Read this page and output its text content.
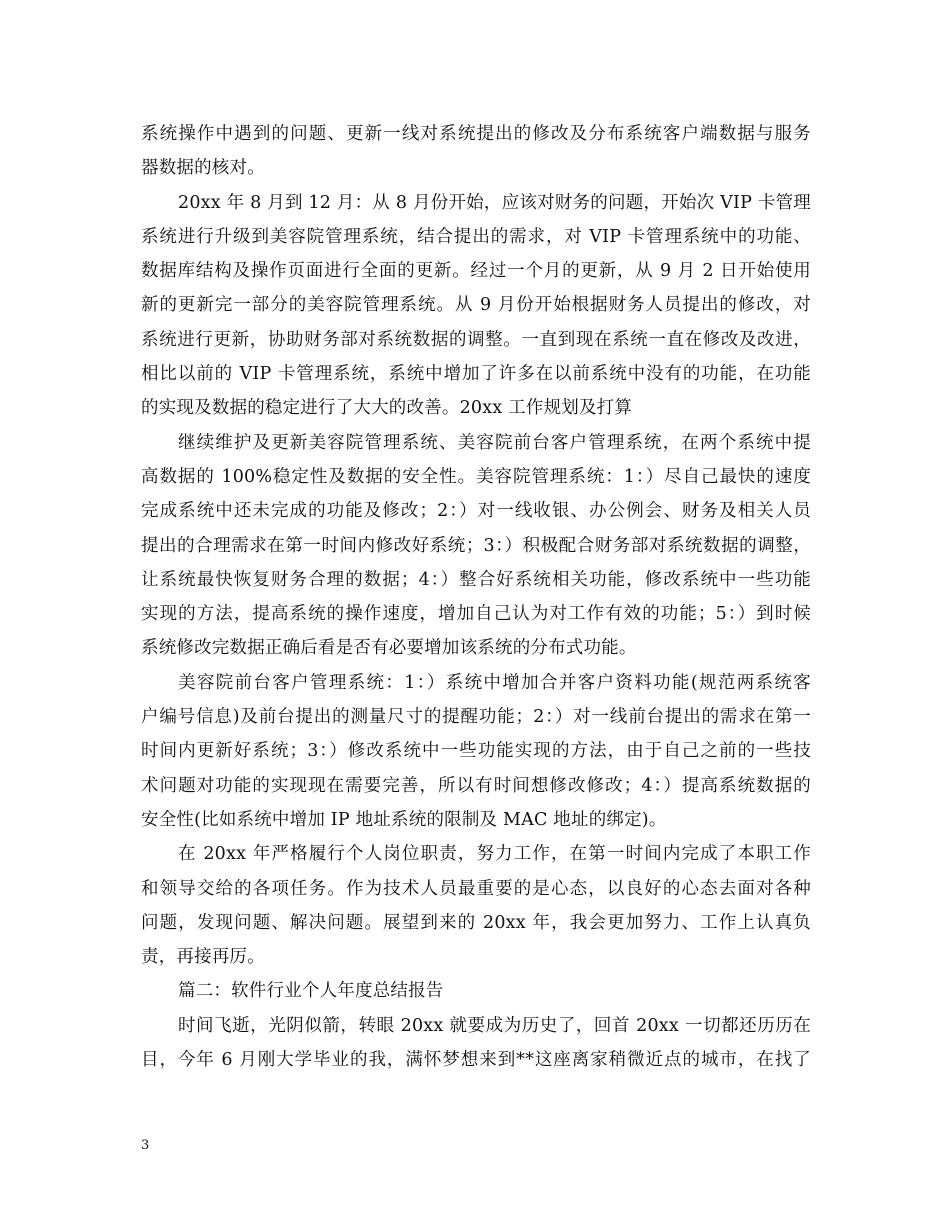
系统操作中遇到的问题、更新一线对系统提出的修改及分布系统客户端数据与服务
器数据的核对。
20xx 年 8 月到 12 月：从 8 月份开始，应该对财务的问题，开始次 VIP 卡管理
系统进行升级到美容院管理系统，结合提出的需求，对 VIP 卡管理系统中的功能、
数据库结构及操作页面进行全面的更新。经过一个月的更新，从 9 月 2 日开始使用
新的更新完一部分的美容院管理系统。从 9 月份开始根据财务人员提出的修改，对
系统进行更新，协助财务部对系统数据的调整。一直到现在系统一直在修改及改进，
相比以前的 VIP 卡管理系统，系统中增加了许多在以前系统中没有的功能，在功能
的实现及数据的稳定进行了大大的改善。20xx 工作规划及打算
继续维护及更新美容院管理系统、美容院前台客户管理系统，在两个系统中提
高数据的 100%稳定性及数据的安全性。美容院管理系统：1：）尽自己最快的速度
完成系统中还未完成的功能及修改；2：）对一线收银、办公例会、财务及相关人员
提出的合理需求在第一时间内修改好系统；3：）积极配合财务部对系统数据的调整，
让系统最快恢复财务合理的数据；4：）整合好系统相关功能，修改系统中一些功能
实现的方法，提高系统的操作速度，增加自己认为对工作有效的功能；5：）到时候
系统修改完数据正确后看是否有必要增加该系统的分布式功能。
美容院前台客户管理系统：1：）系统中增加合并客户资料功能(规范两系统客
户编号信息)及前台提出的测量尺寸的提醒功能；2：）对一线前台提出的需求在第一
时间内更新好系统；3：）修改系统中一些功能实现的方法，由于自己之前的一些技
术问题对功能的实现现在需要完善，所以有时间想修改修改；4：）提高系统数据的
安全性(比如系统中增加 IP 地址系统的限制及 MAC 地址的绑定)。
在 20xx 年严格履行个人岗位职责，努力工作，在第一时间内完成了本职工作
和领导交给的各项任务。作为技术人员最重要的是心态，以良好的心态去面对各种
问题，发现问题、解决问题。展望到来的 20xx 年，我会更加努力、工作上认真负
责，再接再厉。
篇二：软件行业个人年度总结报告
时间飞逝，光阴似箭，转眼 20xx 就要成为历史了，回首 20xx 一切都还历历在
目，今年 6 月刚大学毕业的我，满怀梦想来到**这座离家稍微近点的城市，在找了
3
